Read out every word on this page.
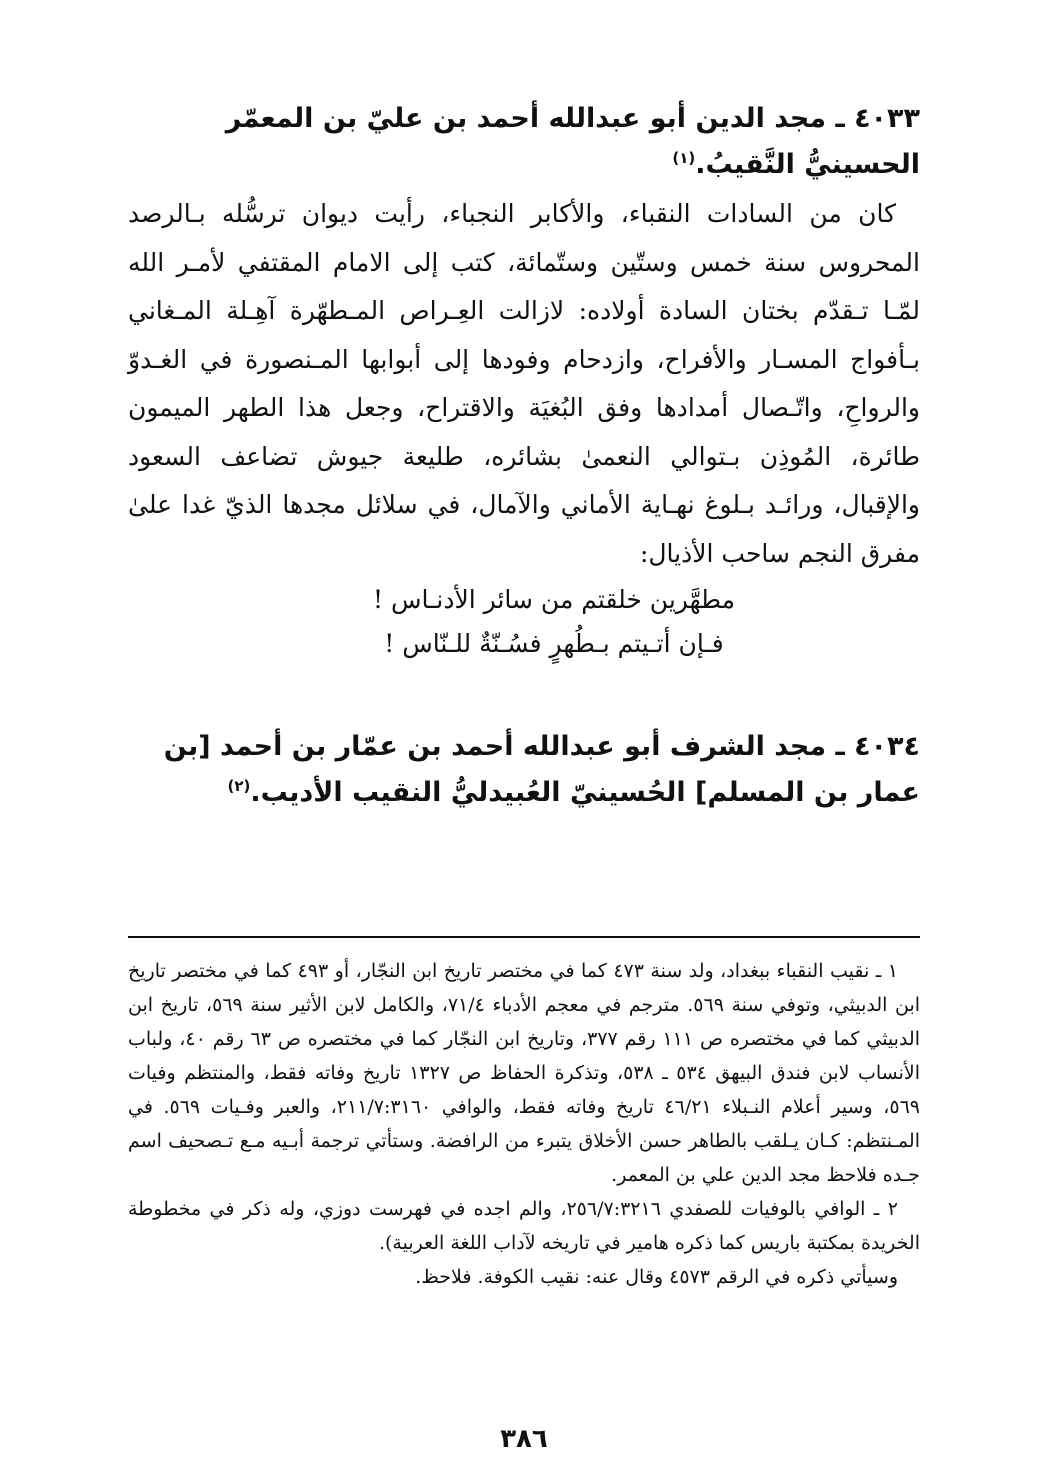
٤٠٣٣ ـ مجد الدين أبو عبدالله أحمد بن عليّ بن المعمّر الحسينيُّ النَّقيبُ.$^{(١)}$

كان من السادات النقباء، والأكابر النجباء، رأيت ديوان ترسُّله بـالرصد المحروس سنة خمس وستّين وستّمائة، كتب إلى الامام المقتفي لأمـر الله لمّـا تـقدّم بختان السادة أولاده: لازالت العِـراص المـطهّرة آهِـلة المـغاني بـأفواج المسـار والأفراح، وازدحام وفودها إلى أبوابها المـنصورة في الغـدوّ والرواحِ، واتّـصال أمدادها وفق البُغيَة والاقتراح، وجعل هذا الطهر الميمون طائرة، المُوذِن بـتوالي النعمىٰ بشائره، طليعة جيوش تضاعف السعود والإقبال، ورائـد بـلوغ نهـاية الأماني والآمال، في سلائل مجدها الذيّ غدا علىٰ مفرق النجم ساحب الأذيال:

مطهَّرين خلقتم من سائر الأدنـاس !
فـإن أتـيتم بـطُهرٍ فسُـنّةٌ للـنّاس !
٤٠٣٤ ـ مجد الشرف أبو عبدالله أحمد بن عمّار بن أحمد [بن عمار بن المسلم] الحُسينيّ العُبيدليُّ النقيب الأديب.$^{(٢)}$

١ ـ نقيب النقباء ببغداد، ولد سنة ٤٧٣ كما في مختصر تاريخ ابن النجّار، أو ٤٩٣ كما في مختصر تاريخ ابن الدبيثي، وتوفي سنة ٥٦٩. مترجم في معجم الأدباء ٧١/٤، والكامل لابن الأثير سنة ٥٦٩، تاريخ ابن الدبيثي كما في مختصره ص ١١١ رقم ٣٧٧، وتاريخ ابن النجّار كما في مختصره ص ٦٣ رقم ٤٠، ولباب الأنساب لابن فندق البيهق ٥٣٤ ـ ٥٣٨، وتذكرة الحفاظ ص ١٣٢٧ تاريخ وفاته فقط، والمنتظم وفيات ٥٦٩، وسير أعلام النـبلاء ٤٦/٢١ تاريخ وفاته فقط، والوافي ٢١١/٧:٣١٦٠، والعبر وفـيات ٥٦٩. في المـنتظم: كـان يـلقب بالطاهر حسن الأخلاق يتبرء من الرافضة. وستأتي ترجمة أبـيه مـع تـصحيف اسم جـده فلاحظ مجد الدين علي بن المعمر.

٢ ـ الوافي بالوفيات للصفدي ٢٥٦/٧:٣٢١٦، والم اجده في فهرست دوزي، وله ذكر في مخطوطة الخريدة بمكتبة باريس كما ذكره هامير في تاريخه لآداب اللغة العربية).

وسيأتي ذكره في الرقم ٤٥٧٣ وقال عنه: نقيب الكوفة. فلاحظ.

٣٨٦
